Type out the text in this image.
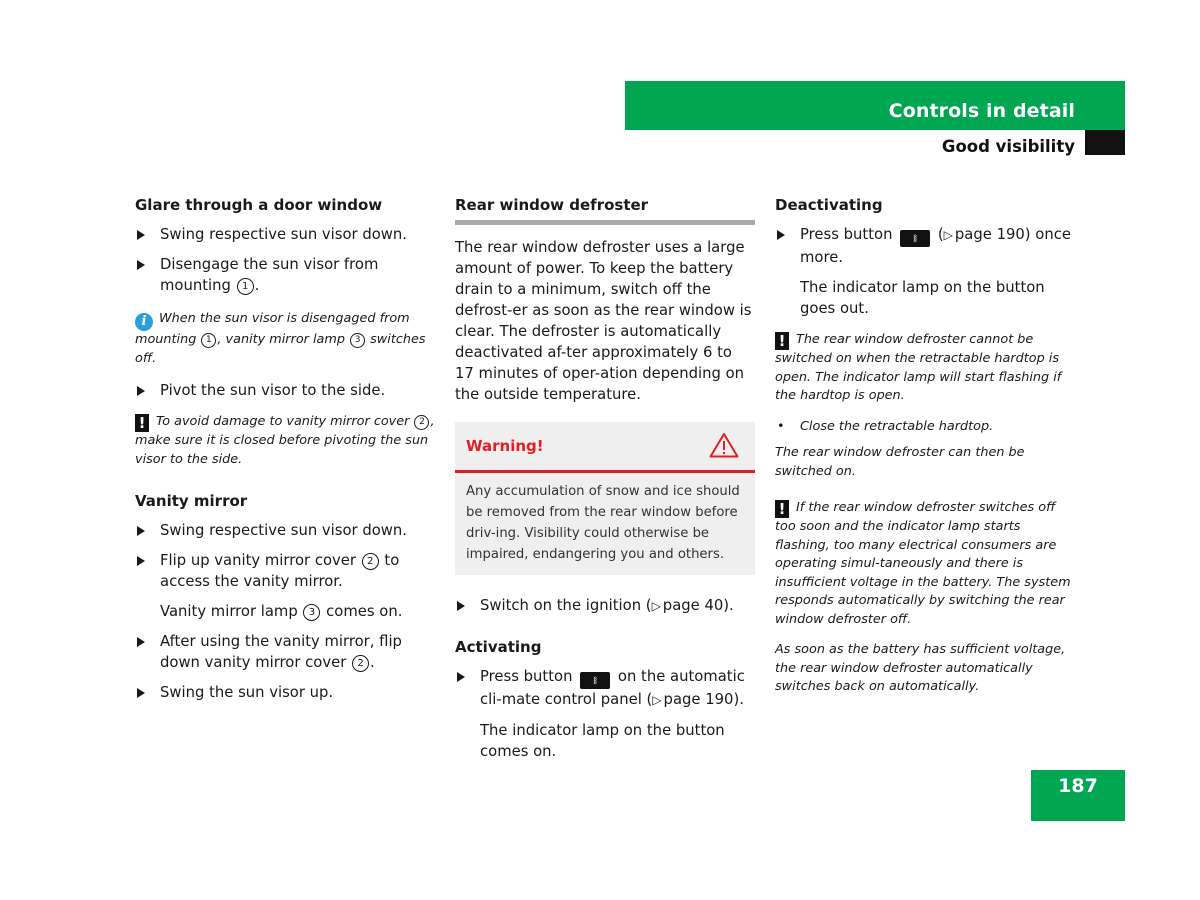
Controls in detail
Good visibility
Glare through a door window
Swing respective sun visor down.
Disengage the sun visor from mounting 1 .
i When the sun visor is disengaged from mounting 1 , vanity mirror lamp 3 switches off.
Pivot the sun visor to the side.
! To avoid damage to vanity mirror cover 2 , make sure it is closed before pivoting the sun visor to the side.
Vanity mirror
Swing respective sun visor down.
Flip up vanity mirror cover 2 to access the vanity mirror.
Vanity mirror lamp 3 comes on.
After using the vanity mirror, flip down vanity mirror cover 2 .
Swing the sun visor up.
Rear window defroster
The rear window defroster uses a large amount of power. To keep the battery drain to a minimum, switch off the defrost-er as soon as the rear window is clear. The defroster is automatically deactivated af-ter approximately 6 to 17 minutes of oper-ation depending on the outside temperature.
Warning!
Any accumulation of snow and ice should be removed from the rear window before driv-ing. Visibility could otherwise be impaired, endangering you and others.
Switch on the ignition (▷ page 40).
Activating
Press button ⧚ on the automatic cli-mate control panel (▷ page 190).
The indicator lamp on the button comes on.
Deactivating
Press button ⧚ (▷ page 190) once more.
The indicator lamp on the button goes out.
! The rear window defroster cannot be switched on when the retractable hardtop is open. The indicator lamp will start flashing if the hardtop is open.
• Close the retractable hardtop.
The rear window defroster can then be switched on.
! If the rear window defroster switches off too soon and the indicator lamp starts flashing, too many electrical consumers are operating simul-taneously and there is insufficient voltage in the battery. The system responds automatically by switching the rear window defroster off.
As soon as the battery has sufficient voltage, the rear window defroster automatically switches back on automatically.
187
